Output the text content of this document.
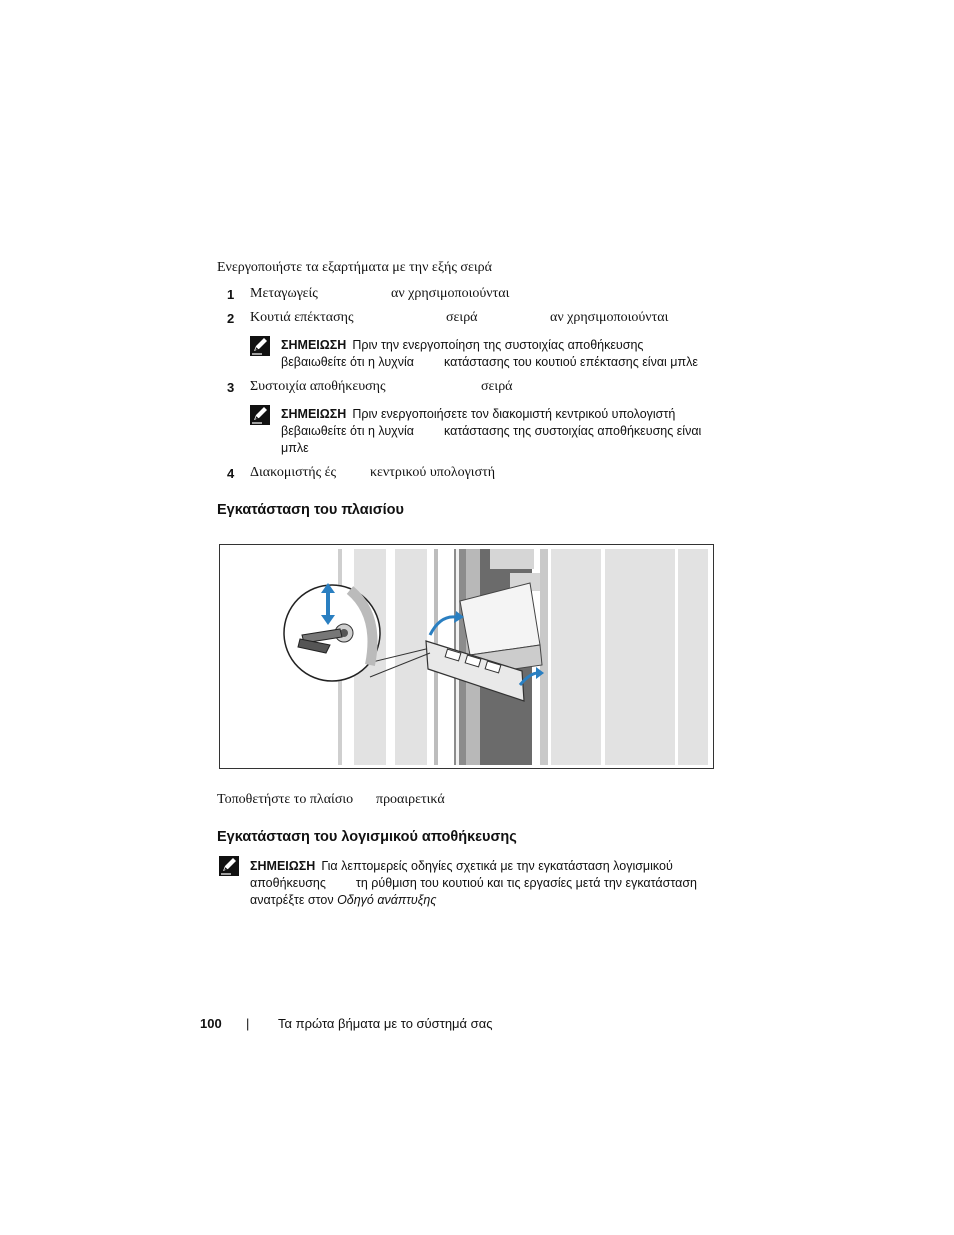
Ενεργοποιήστε τα εξαρτήματα με την εξής σειρά
1 Μεταγωγείς	αν χρησιμοποιούνται
2 Κουτιά επέκτασης	σειρά	αν χρησιμοποιούνται
ΣΗΜΕΙΩΣΗ Πριν την ενεργοποίηση της συστοιχίας αποθήκευσης
βεβαιωθείτε ότι η λυχνία κατάστασης του κουτιού επέκτασης είναι μπλε
3 Συστοιχία αποθήκευσης	σειρά
ΣΗΜΕΙΩΣΗ Πριν ενεργοποιήσετε τον διακομιστή κεντρικού υπολογιστή
βεβαιωθείτε ότι η λυχνία κατάστασης της συστοιχίας αποθήκευσης είναι
μπλε
4 Διακομιστής ές κεντρικού υπολογιστή
Εγκατάσταση του πλαισίου
Τοποθετήστε το πλαίσιο προαιρετικά
Εγκατάσταση του λογισμικού αποθήκευσης
ΣΗΜΕΙΩΣΗ Για λεπτομερείς οδηγίες σχετικά με την εγκατάσταση λογισμικού
αποθήκευσης τη ρύθμιση του κουτιού και τις εργασίες μετά την εγκατάσταση
ανατρέξτε στον Οδηγό ανάπτυξης
100 | Τα πρώτα βήματα με το σύστημά σας
